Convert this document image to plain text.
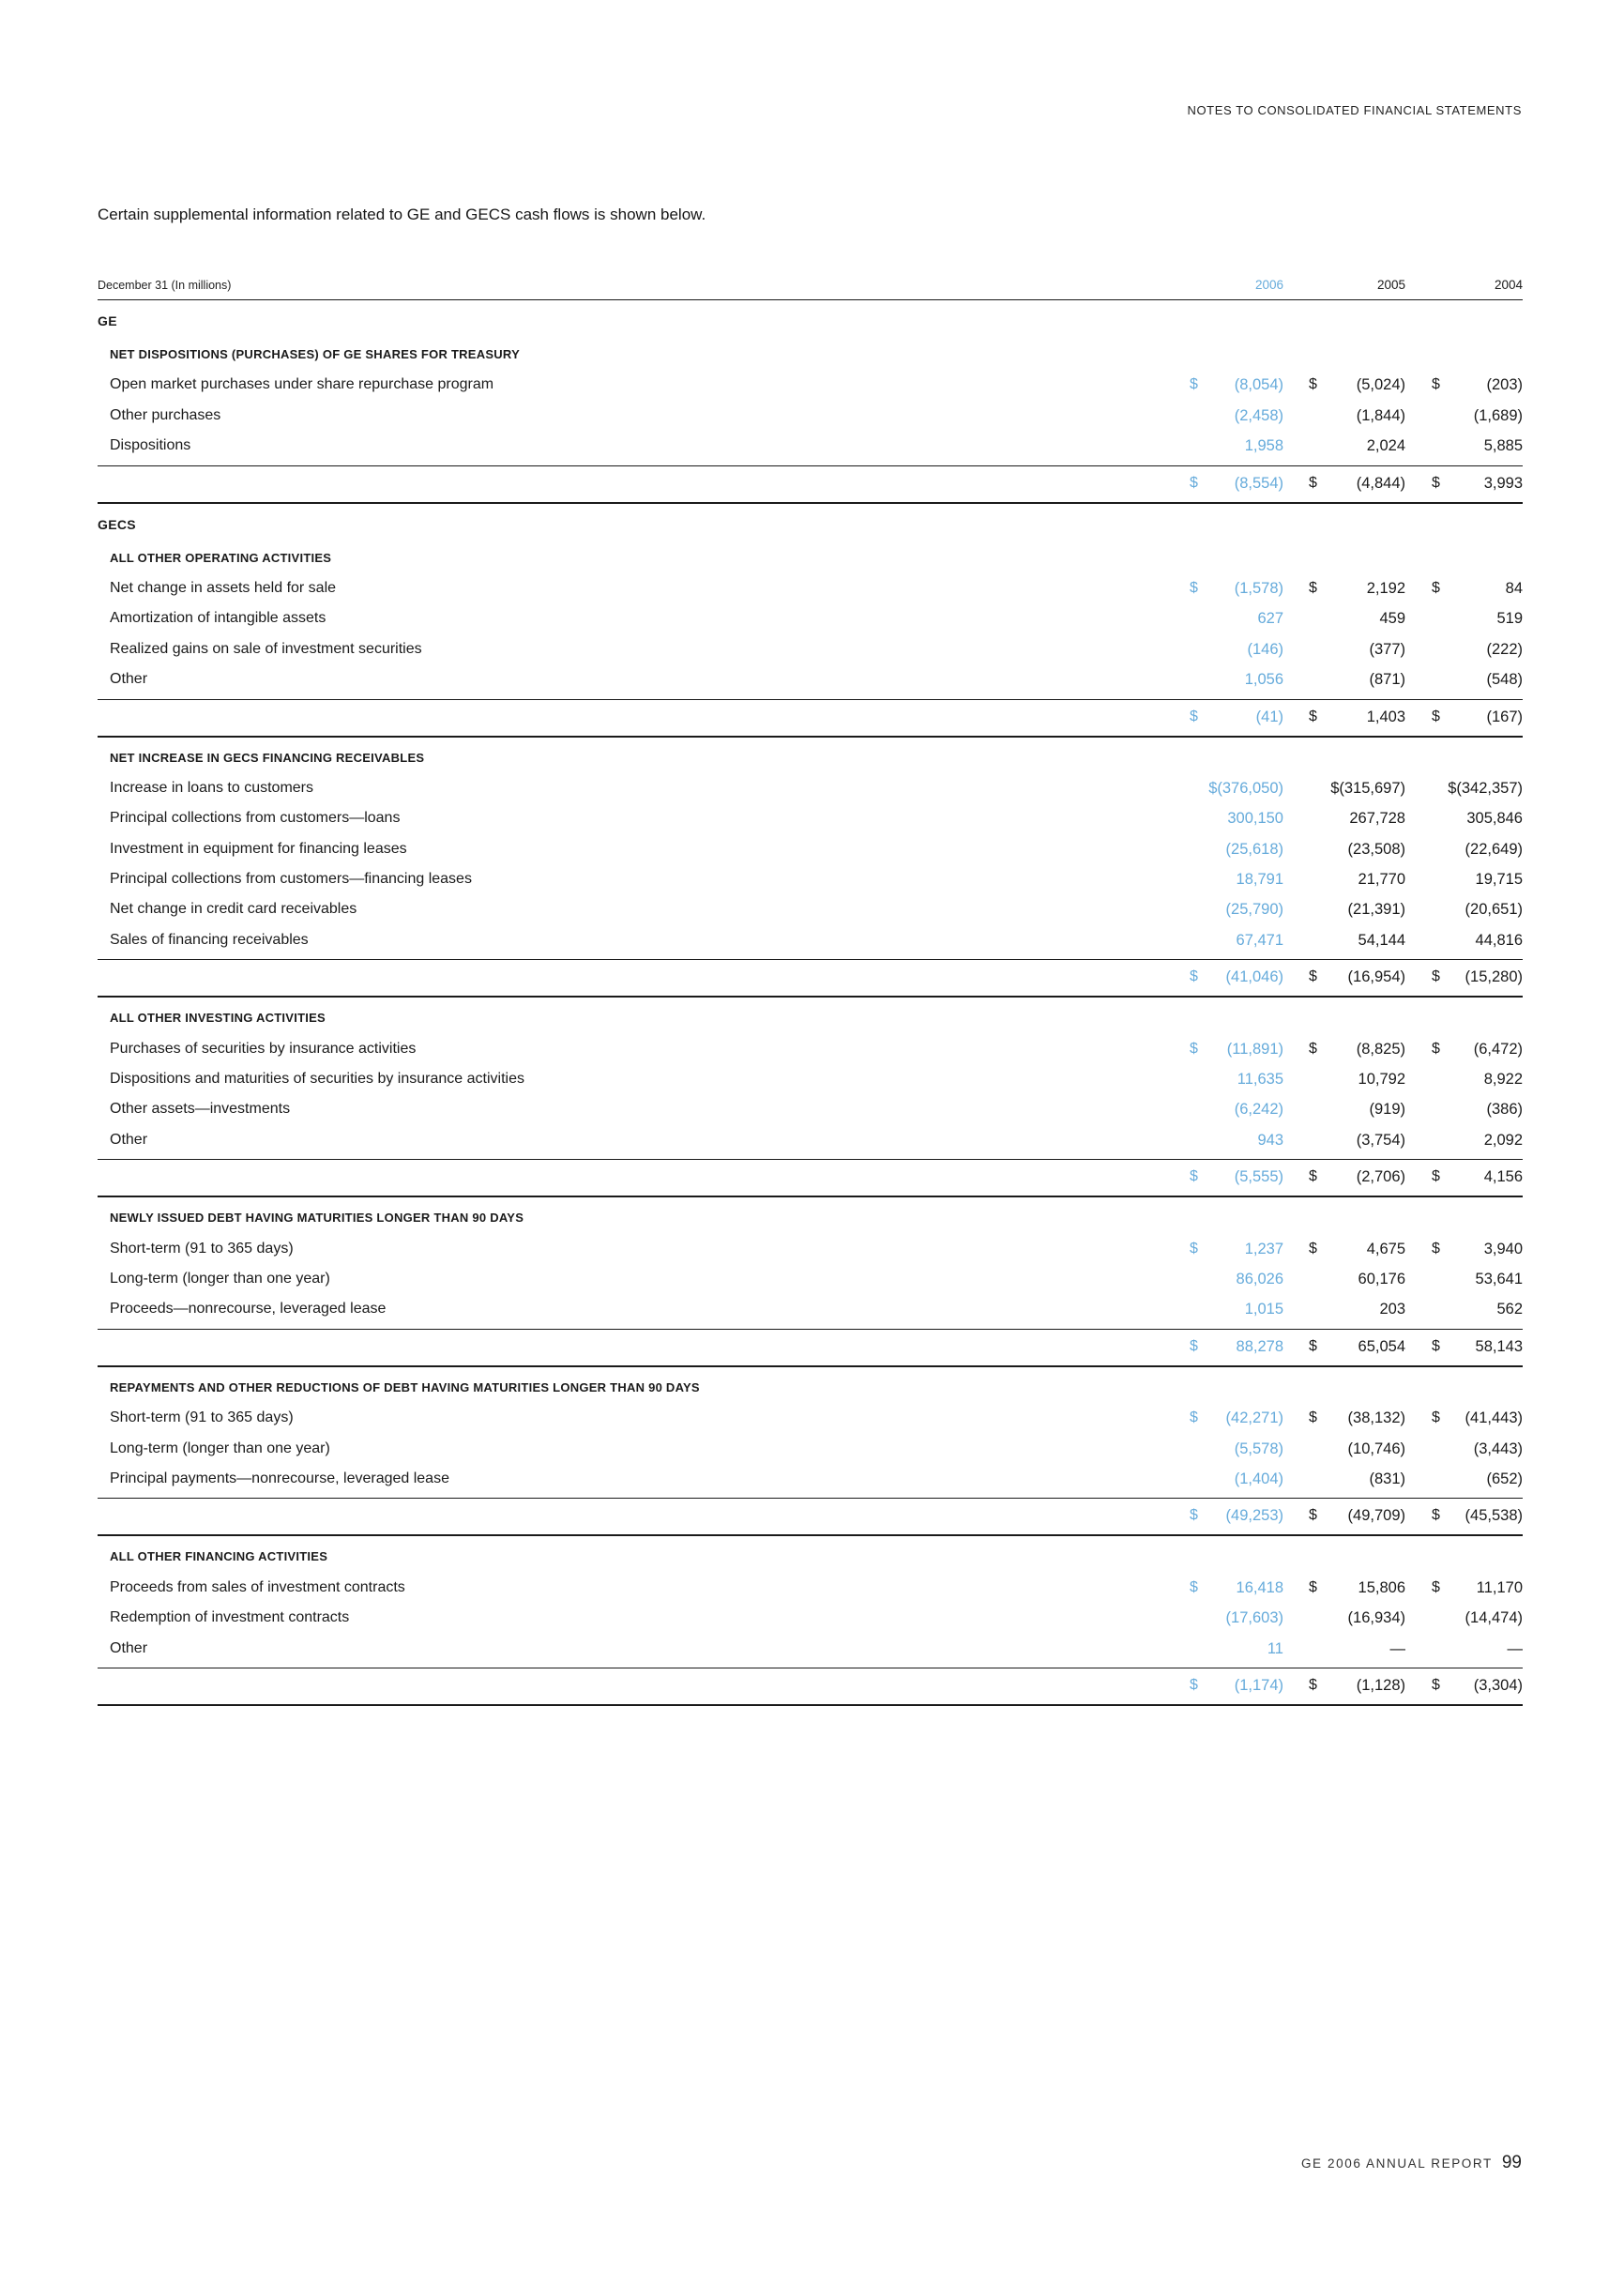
NOTES TO CONSOLIDATED FINANCIAL STATEMENTS

Certain supplemental information related to GE and GECS cash flows is shown below.

December 31 (In millions)	2006	2005	2004
GE
NET DISPOSITIONS (PURCHASES) OF GE SHARES FOR TREASURY
Open market purchases under share repurchase program	$	(8,054) $	(5,024) $	(203)
Other purchases	(2,458)	(1,844)	(1,689)
Dispositions	1,958	2,024	5,885
$	(8,554) $	(4,844) $	3,993
GECS
ALL OTHER OPERATING ACTIVITIES
Net change in assets held for sale	$	(1,578) $	2,192 $	84
Amortization of intangible assets	627	459	519
Realized gains on sale of investment securities	(146)	(377)	(222)
Other	1,056	(871)	(548)
$	(41) $	1,403 $	(167)
NET INCREASE IN GECS FINANCING RECEIVABLES
Increase in loans to customers	$(376,050)	$(315,697)	$(342,357)
Principal collections from customers—loans	300,150	267,728	305,846
Investment in equipment for financing leases	(25,618)	(23,508)	(22,649)
Principal collections from customers—financing leases	18,791	21,770	19,715
Net change in credit card receivables	(25,790)	(21,391)	(20,651)
Sales of financing receivables	67,471	54,144	44,816
$	(41,046) $	(16,954) $	(15,280)
ALL OTHER INVESTING ACTIVITIES
Purchases of securities by insurance activities	$	(11,891) $	(8,825) $	(6,472)
Dispositions and maturities of securities by insurance activities	11,635	10,792	8,922
Other assets—investments	(6,242)	(919)	(386)
Other	943	(3,754)	2,092
$	(5,555) $	(2,706) $	4,156
NEWLY ISSUED DEBT HAVING MATURITIES LONGER THAN 90 DAYS
Short-term (91 to 365 days)	$	1,237 $	4,675 $	3,940
Long-term (longer than one year)	86,026	60,176	53,641
Proceeds—nonrecourse, leveraged lease	1,015	203	562
$	88,278 $	65,054 $	58,143
REPAYMENTS AND OTHER REDUCTIONS OF DEBT HAVING MATURITIES LONGER THAN 90 DAYS
Short-term (91 to 365 days)	$	(42,271) $	(38,132) $	(41,443)
Long-term (longer than one year)	(5,578)	(10,746)	(3,443)
Principal payments—nonrecourse, leveraged lease	(1,404)	(831)	(652)
$	(49,253) $	(49,709) $	(45,538)
ALL OTHER FINANCING ACTIVITIES
Proceeds from sales of investment contracts	$	16,418 $	15,806 $	11,170
Redemption of investment contracts	(17,603)	(16,934)	(14,474)
Other	11	—	—
$	(1,174) $	(1,128) $	(3,304)
GE 2006 ANNUAL REPORT 99
